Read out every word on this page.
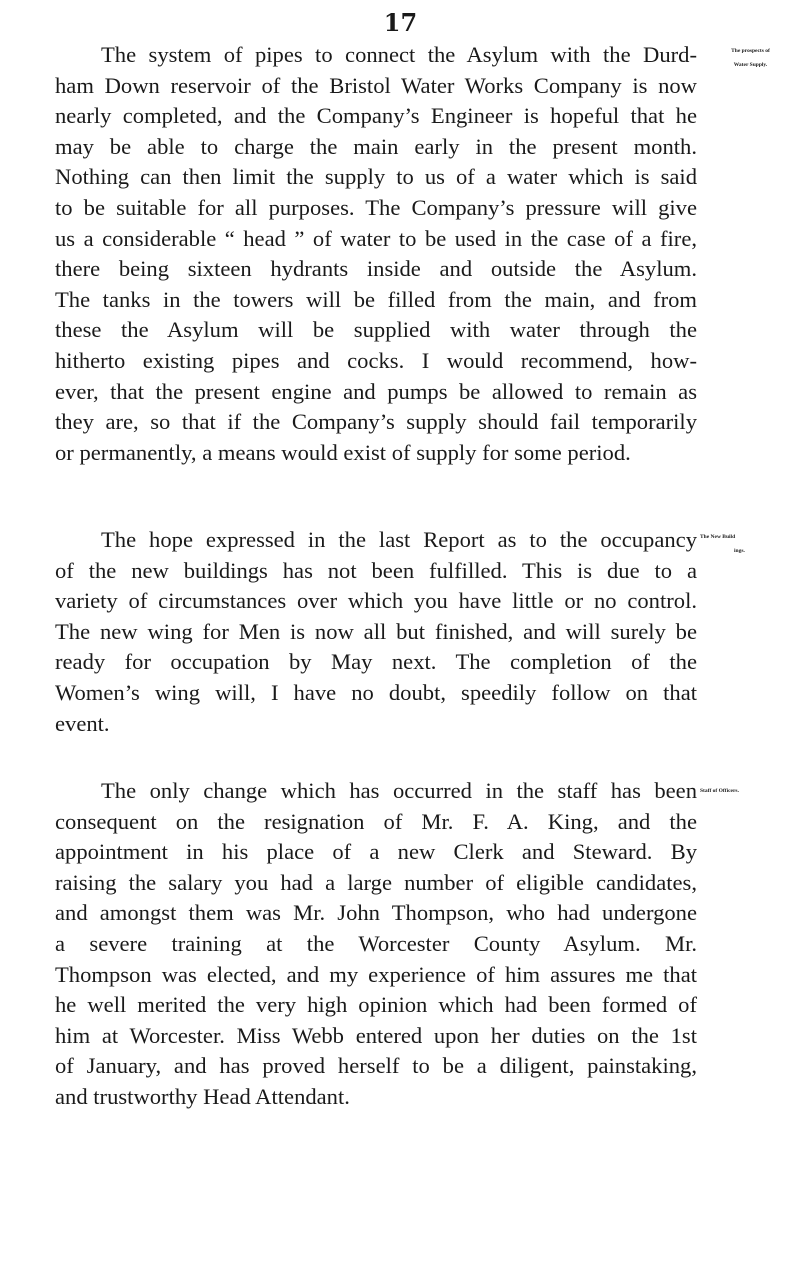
17
The system of pipes to connect the Asylum with the Durd-
ham Down reservoir of the Bristol Water Works Company is now
nearly completed, and the Company’s Engineer is hopeful that he
may be able to charge the main early in the present month.
Nothing can then limit the supply to us of a water which is said
to be suitable for all purposes. The Company’s pressure will give
us a considerable “ head ” of water to be used in the case of a fire,
there being sixteen hydrants inside and outside the Asylum.
The tanks in the towers will be filled from the main, and from
these the Asylum will be supplied with water through the
hitherto existing pipes and cocks. I would recommend, how-
ever, that the present engine and pumps be allowed to remain as
they are, so that if the Company’s supply should fail temporarily
or permanently, a means would exist of supply for some period.
The hope expressed in the last Report as to the occupancy
of the new buildings has not been fulfilled. This is due to a
variety of circumstances over which you have little or no control.
The new wing for Men is now all but finished, and will surely be
ready for occupation by May next. The completion of the
Women’s wing will, I have no doubt, speedily follow on that
event.
The only change which has occurred in the staff has been
consequent on the resignation of Mr. F. A. King, and the
appointment in his place of a new Clerk and Steward. By
raising the salary you had a large number of eligible candidates,
and amongst them was Mr. John Thompson, who had undergone
a severe training at the Worcester County Asylum. Mr.
Thompson was elected, and my experience of him assures me that
he well merited the very high opinion which had been formed of
him at Worcester. Miss Webb entered upon her duties on the 1st
of January, and has proved herself to be a diligent, painstaking,
and trustworthy Head Attendant.
The prospects of
Water Supply.
The New Build
ings.
Staff of Officers.
